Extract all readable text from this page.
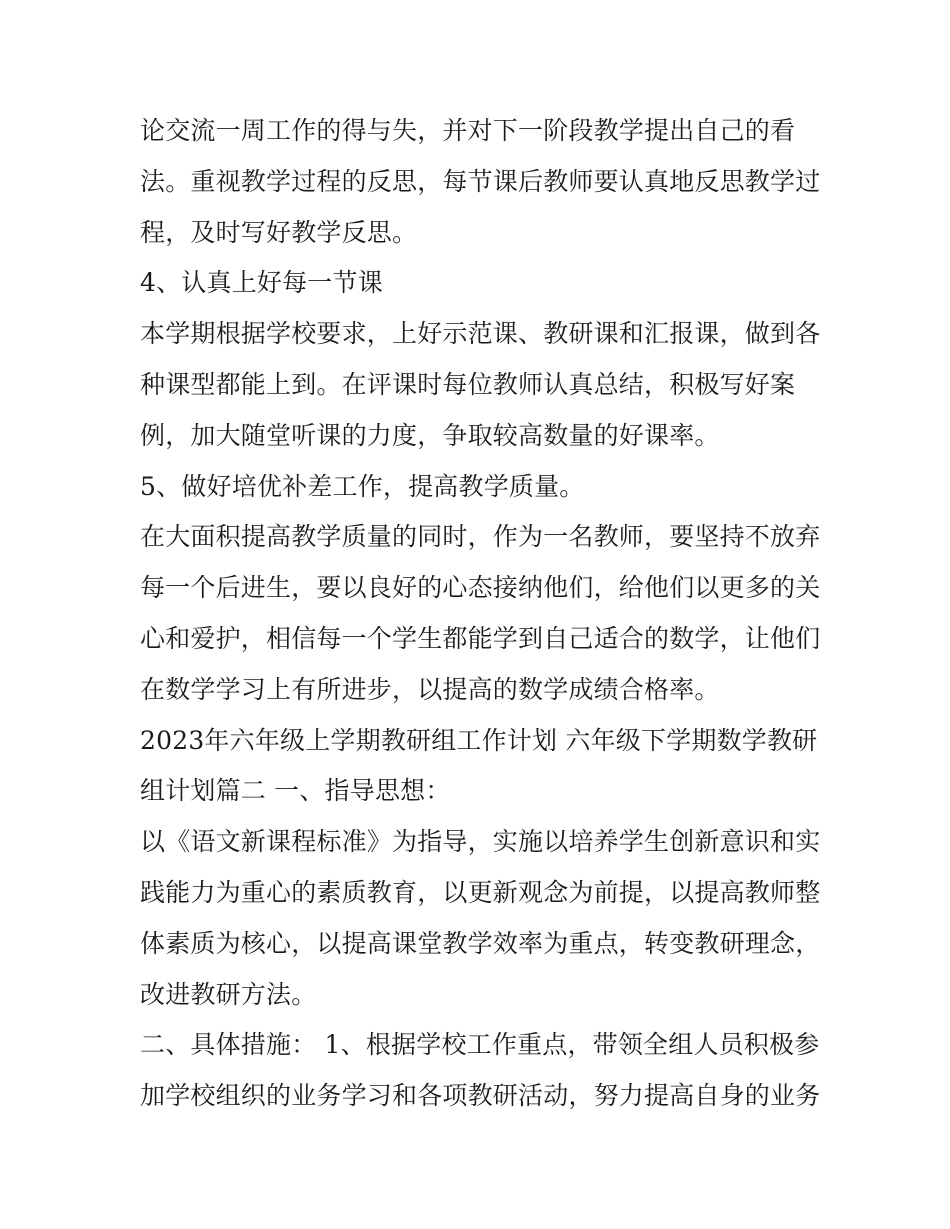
论交流一周工作的得与失，并对下一阶段教学提出自己的看
法。重视教学过程的反思，每节课后教师要认真地反思教学过
程，及时写好教学反思。
4、认真上好每一节课
本学期根据学校要求，上好示范课、教研课和汇报课，做到各
种课型都能上到。在评课时每位教师认真总结，积极写好案
例，加大随堂听课的力度，争取较高数量的好课率。
5、做好培优补差工作，提高教学质量。
在大面积提高教学质量的同时，作为一名教师，要坚持不放弃
每一个后进生，要以良好的心态接纳他们，给他们以更多的关
心和爱护，相信每一个学生都能学到自己适合的数学，让他们
在数学学习上有所进步，以提高的数学成绩合格率。
2023年六年级上学期教研组工作计划 六年级下学期数学教研
组计划篇二 一、指导思想：
以《语文新课程标准》为指导，实施以培养学生创新意识和实
践能力为重心的素质教育，以更新观念为前提，以提高教师整
体素质为核心，以提高课堂教学效率为重点，转变教研理念，
改进教研方法。
二、具体措施： 1、根据学校工作重点，带领全组人员积极参
加学校组织的业务学习和各项教研活动，努力提高自身的业务
